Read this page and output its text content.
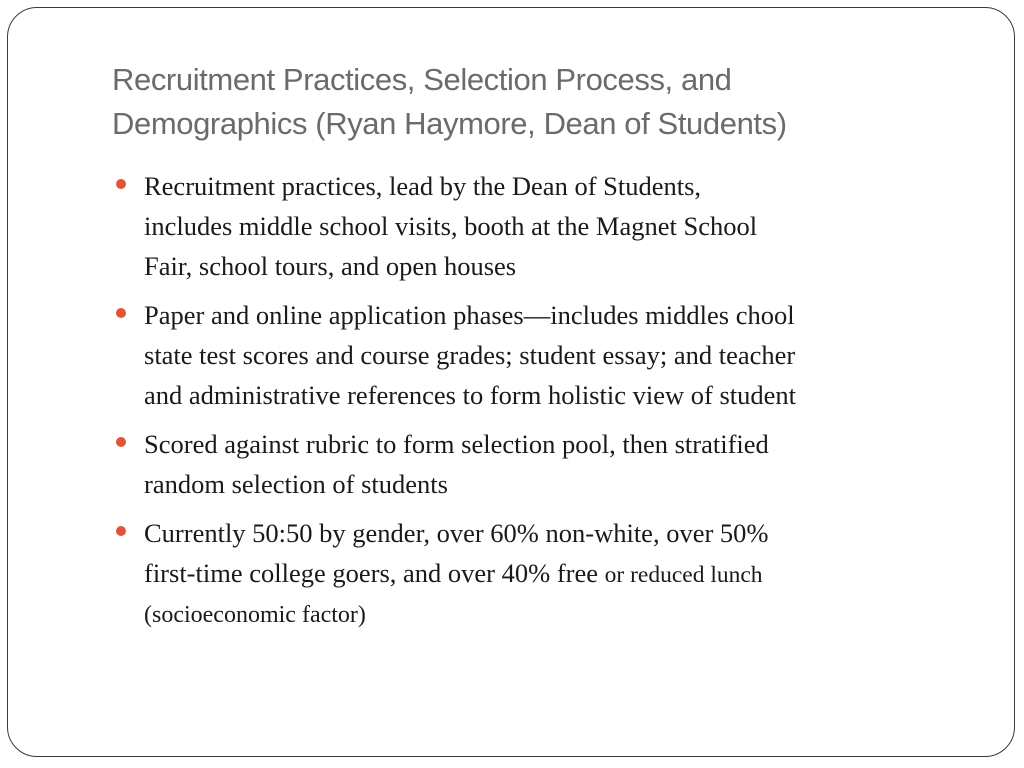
Recruitment Practices, Selection Process, and
Demographics (Ryan Haymore, Dean of Students)
Recruitment practices, lead by the Dean of Students,
includes middle school visits, booth at the Magnet School
Fair, school tours, and open houses
Paper and online application phases—includes middles chool
state test scores and course grades; student essay; and teacher
and administrative references to form holistic view of student
Scored against rubric to form selection pool, then stratified
random selection of students
Currently 50:50 by gender, over 60% non-white, over 50%
first-time college goers, and over 40% free or reduced lunch
(socioeconomic factor)
